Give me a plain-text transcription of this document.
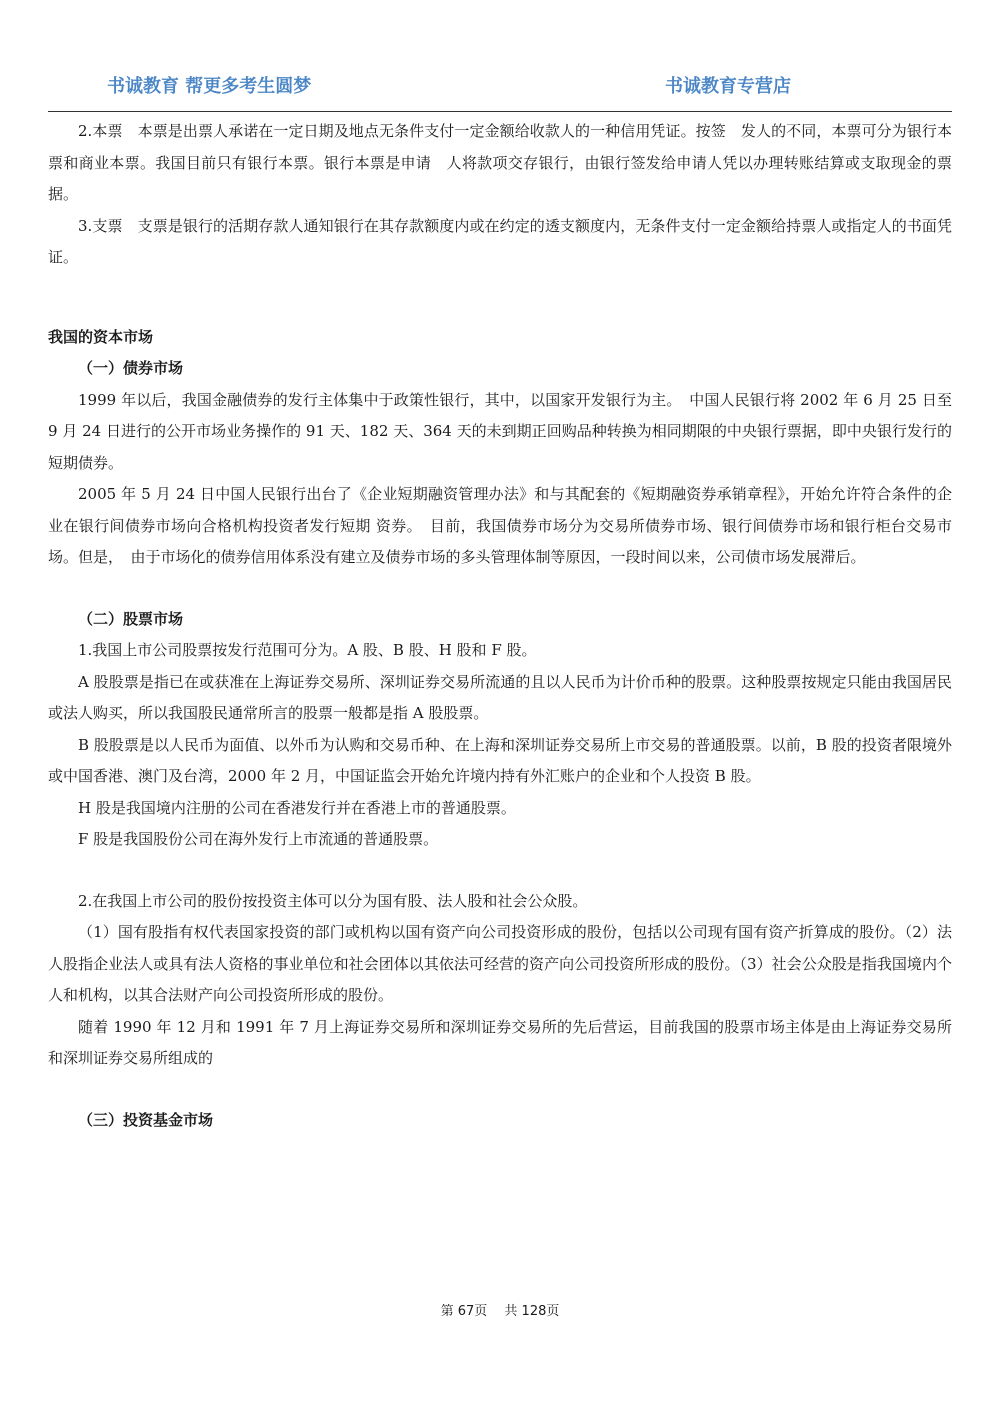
书诚教育 帮更多考生圆梦	书诚教育专营店

2.本票　本票是出票人承诺在一定日期及地点无条件支付一定金额给收款人的一种信用凭证。按签　发人的不同，本票可分为银行本票和商业本票。我国目前只有银行本票。银行本票是申请　人将款项交存银行，由银行签发给申请人凭以办理转账结算或支取现金的票据。

3.支票　支票是银行的活期存款人通知银行在其存款额度内或在约定的透支额度内，无条件支付一定金额给持票人或指定人的书面凭证。

我国的资本市场
（一）债券市场

1999 年以后，我国金融债券的发行主体集中于政策性银行，其中，以国家开发银行为主。　中国人民银行将 2002 年 6 月 25 日至 9 月 24 日进行的公开市场业务操作的 91 天、182 天、364 天的未到期正回购品种转换为相同期限的中央银行票据，即中央银行发行的短期债券。

2005 年 5 月 24 日中国人民银行出台了《企业短期融资管理办法》和与其配套的《短期融资券承销章程》，开始允许符合条件的企业在银行间债券市场向合格机构投资者发行短期 资券。　目前，我国债券市场分为交易所债券市场、银行间债券市场和银行柜台交易市场。但是，　由于市场化的债券信用体系没有建立及债券市场的多头管理体制等原因，一段时间以来，公司债市场发展滞后。

（二）股票市场

1.我国上市公司股票按发行范围可分为。A 股、B 股、H 股和 F 股。

A 股股票是指已在或获准在上海证券交易所、深圳证券交易所流通的且以人民币为计价币种的股票。这种股票按规定只能由我国居民或法人购买，所以我国股民通常所言的股票一般都是指 A 股股票。

B 股股票是以人民币为面值、以外币为认购和交易币种、在上海和深圳证券交易所上市交易的普通股票。以前，B 股的投资者限境外或中国香港、澳门及台湾，2000 年 2 月，中国证监会开始允许境内持有外汇账户的企业和个人投资 B 股。

H 股是我国境内注册的公司在香港发行并在香港上市的普通股票。

F 股是我国股份公司在海外发行上市流通的普通股票。

2.在我国上市公司的股份按投资主体可以分为国有股、法人股和社会公众股。

（1）国有股指有权代表国家投资的部门或机构以国有资产向公司投资形成的股份，包括以公司现有国有资产折算成的股份。（2）法人股指企业法人或具有法人资格的事业单位和社会团体以其依法可经营的资产向公司投资所形成的股份。（3）社会公众股是指我国境内个人和机构，以其合法财产向公司投资所形成的股份。

随着 1990 年 12 月和 1991 年 7 月上海证券交易所和深圳证券交易所的先后营运，目前我国的股票市场主体是由上海证券交易所和深圳证券交易所组成的

（三）投资基金市场
第 67页　 共 128页
